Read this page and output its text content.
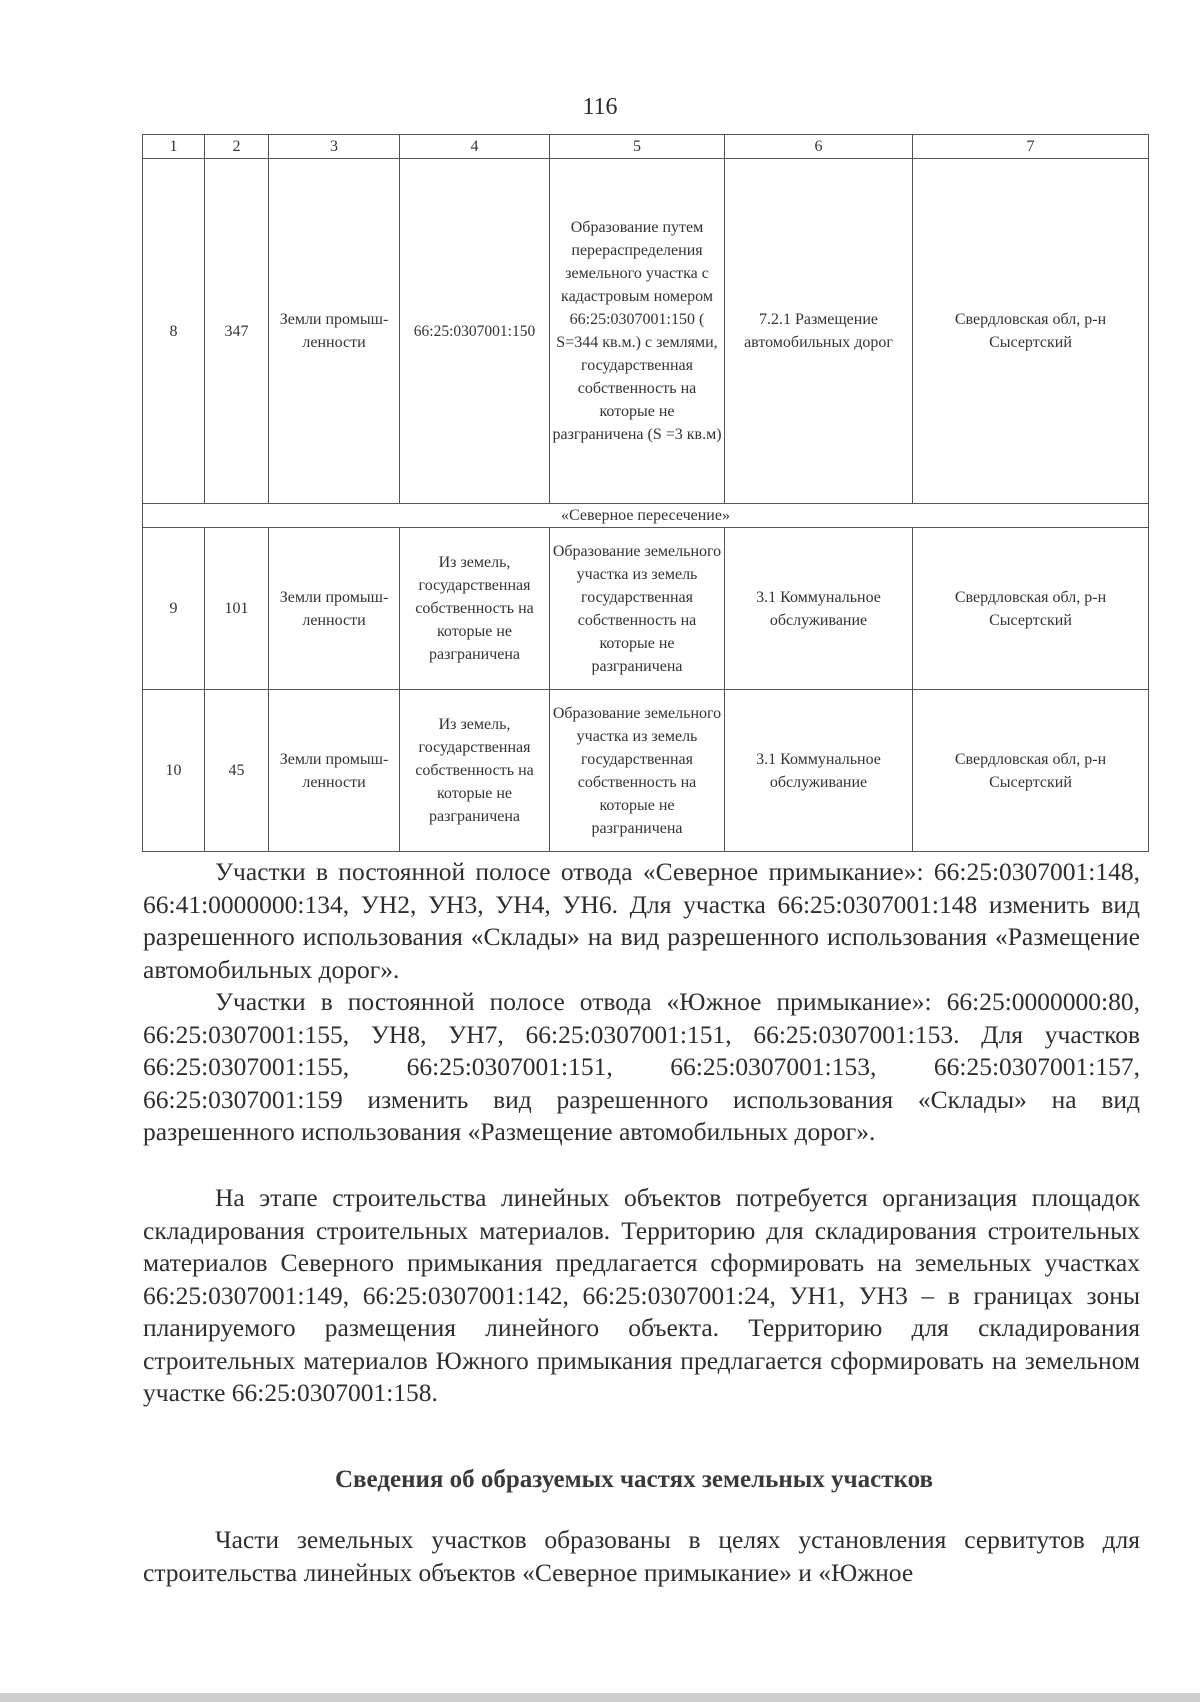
116
1	2	3	4	5	6	7
8	347	Земли промыш-ленности	66:25:0307001:150	Образование путем перераспределения земельного участка с кадастровым номером 66:25:0307001:150 ( S=344 кв.м.) с землями, государственная собственность на которые не разграничена (S =3 кв.м)	7.2.1 Размещение автомобильных дорог	Свердловская обл, р-н Сысертский
«Северное пересечение»						
9	101	Земли промыш-ленности	Из земель, государственная собственность на которые не разграничена	Образование земельного участка из земель государственная собственность на которые не разграничена	3.1 Коммунальное обслуживание	Свердловская обл, р-н Сысертский
10	45	Земли промыш-ленности	Из земель, государственная собственность на которые не разграничена	Образование земельного участка из земель государственная собственность на которые не разграничена	3.1 Коммунальное обслуживание	Свердловская обл, р-н Сысертский

Участки в постоянной полосе отвода «Северное примыкание»: 66:25:0307001:148, 66:41:0000000:134, УН2, УН3, УН4, УН6. Для участка 66:25:0307001:148 изменить вид разрешенного использования «Склады» на вид разрешенного использования «Размещение автомобильных дорог».

Участки в постоянной полосе отвода «Южное примыкание»: 66:25:0000000:80, 66:25:0307001:155, УН8, УН7, 66:25:0307001:151, 66:25:0307001:153. Для участков 66:25:0307001:155, 66:25:0307001:151, 66:25:0307001:153, 66:25:0307001:157, 66:25:0307001:159 изменить вид разрешенного использования «Склады» на вид разрешенного использования «Размещение автомобильных дорог».

На этапе строительства линейных объектов потребуется организация площадок складирования строительных материалов. Территорию для складирования строительных материалов Северного примыкания предлагается сформировать на земельных участках 66:25:0307001:149, 66:25:0307001:142, 66:25:0307001:24, УН1, УН3 – в границах зоны планируемого размещения линейного объекта. Территорию для складирования строительных материалов Южного примыкания предлагается сформировать на земельном участке 66:25:0307001:158.

Сведения об образуемых частях земельных участков

Части земельных участков образованы в целях установления сервитутов для строительства линейных объектов «Северное примыкание» и «Южное
